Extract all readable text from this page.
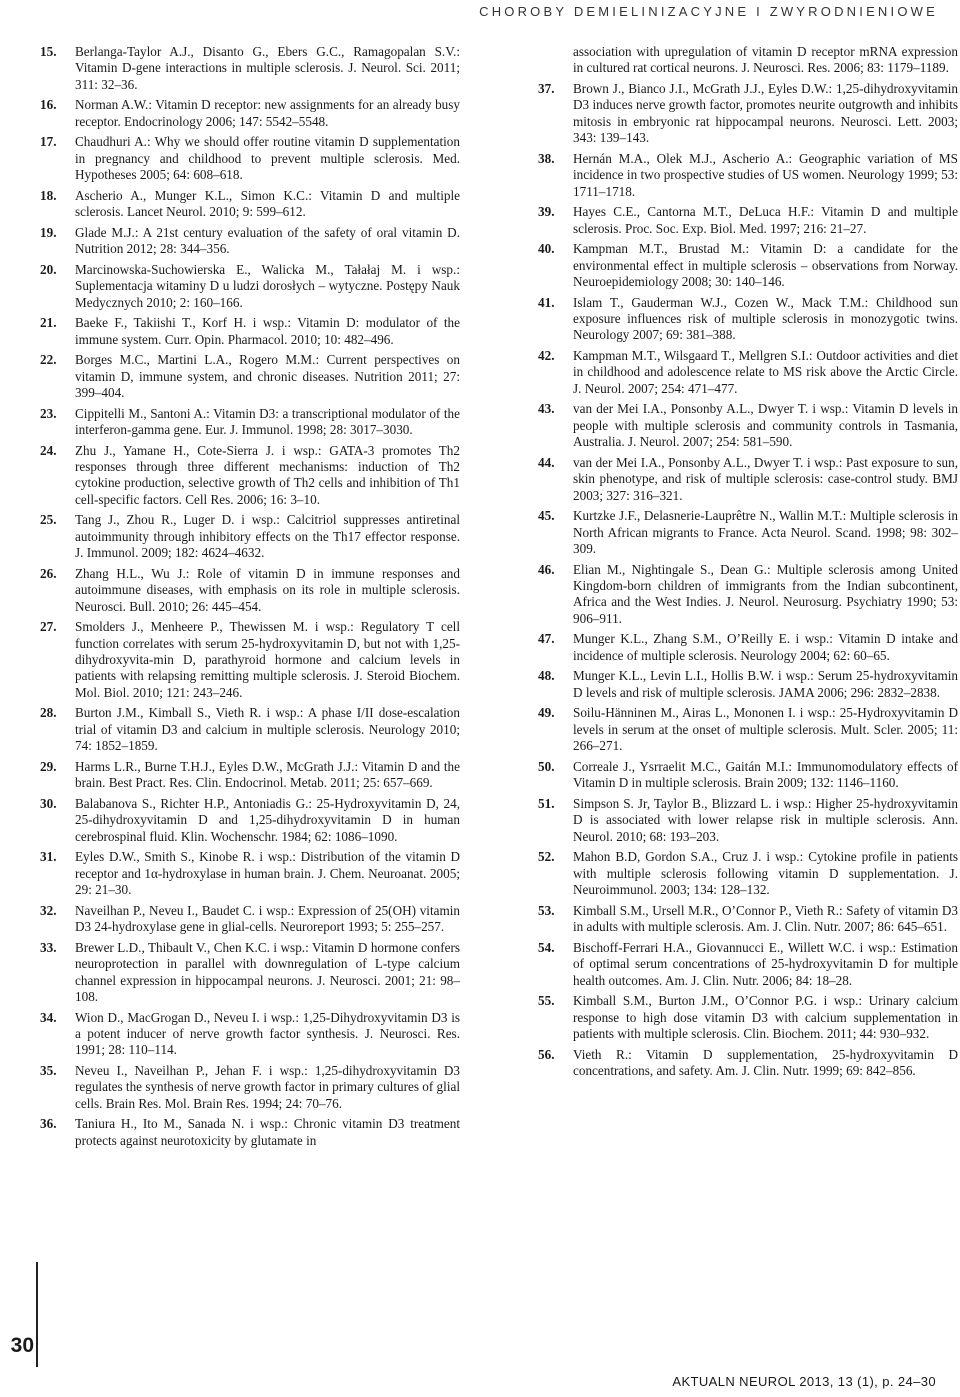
CHOROBY DEMIELINIZACYJNE I ZWYRODNIENIOWE
15.	Berlanga-Taylor A.J., Disanto G., Ebers G.C., Ramagopalan S.V.: Vitamin D-gene interactions in multiple sclerosis. J. Neurol. Sci. 2011; 311: 32–36.
16.	Norman A.W.: Vitamin D receptor: new assignments for an already busy receptor. Endocrinology 2006; 147: 5542–5548.
17.	Chaudhuri A.: Why we should offer routine vitamin D supplementation in pregnancy and childhood to prevent multiple sclerosis. Med. Hypotheses 2005; 64: 608–618.
18.	Ascherio A., Munger K.L., Simon K.C.: Vitamin D and multiple sclerosis. Lancet Neurol. 2010; 9: 599–612.
19.	Glade M.J.: A 21st century evaluation of the safety of oral vitamin D. Nutrition 2012; 28: 344–356.
20.	Marcinowska-Suchowierska E., Walicka M., Tałałaj M. i wsp.: Suplementacja witaminy D u ludzi dorosłych – wytyczne. Postępy Nauk Medycznych 2010; 2: 160–166.
21.	Baeke F., Takiishi T., Korf H. i wsp.: Vitamin D: modulator of the immune system. Curr. Opin. Pharmacol. 2010; 10: 482–496.
22.	Borges M.C., Martini L.A., Rogero M.M.: Current perspectives on vitamin D, immune system, and chronic diseases. Nutrition 2011; 27: 399–404.
23.	Cippitelli M., Santoni A.: Vitamin D3: a transcriptional modulator of the interferon-gamma gene. Eur. J. Immunol. 1998; 28: 3017–3030.
24.	Zhu J., Yamane H., Cote-Sierra J. i wsp.: GATA-3 promotes Th2 responses through three different mechanisms: induction of Th2 cytokine production, selective growth of Th2 cells and inhibition of Th1 cell-specific factors. Cell Res. 2006; 16: 3–10.
25.	Tang J., Zhou R., Luger D. i wsp.: Calcitriol suppresses antiretinal autoimmunity through inhibitory effects on the Th17 effector response. J. Immunol. 2009; 182: 4624–4632.
26.	Zhang H.L., Wu J.: Role of vitamin D in immune responses and autoimmune diseases, with emphasis on its role in multiple sclerosis. Neurosci. Bull. 2010; 26: 445–454.
27.	Smolders J., Menheere P., Thewissen M. i wsp.: Regulatory T cell function correlates with serum 25-hydroxyvitamin D, but not with 1,25-dihydroxyvita-min D, parathyroid hormone and calcium levels in patients with relapsing remitting multiple sclerosis. J. Steroid Biochem. Mol. Biol. 2010; 121: 243–246.
28.	Burton J.M., Kimball S., Vieth R. i wsp.: A phase I/II dose-escalation trial of vitamin D3 and calcium in multiple sclerosis. Neurology 2010; 74: 1852–1859.
29.	Harms L.R., Burne T.H.J., Eyles D.W., McGrath J.J.: Vitamin D and the brain. Best Pract. Res. Clin. Endocrinol. Metab. 2011; 25: 657–669.
30.	Balabanova S., Richter H.P., Antoniadis G.: 25-Hydroxyvitamin D, 24, 25-dihydroxyvitamin D and 1,25-dihydroxyvitamin D in human cerebrospinal fluid. Klin. Wochenschr. 1984; 62: 1086–1090.
31.	Eyles D.W., Smith S., Kinobe R. i wsp.: Distribution of the vitamin D receptor and 1α-hydroxylase in human brain. J. Chem. Neuroanat. 2005; 29: 21–30.
32.	Naveilhan P., Neveu I., Baudet C. i wsp.: Expression of 25(OH) vitamin D3 24-hydroxylase gene in glial-cells. Neuroreport 1993; 5: 255–257.
33.	Brewer L.D., Thibault V., Chen K.C. i wsp.: Vitamin D hormone confers neuroprotection in parallel with downregulation of L-type calcium channel expression in hippocampal neurons. J. Neurosci. 2001; 21: 98–108.
34.	Wion D., MacGrogan D., Neveu I. i wsp.: 1,25-Dihydroxyvitamin D3 is a potent inducer of nerve growth factor synthesis. J. Neurosci. Res. 1991; 28: 110–114.
35.	Neveu I., Naveilhan P., Jehan F. i wsp.: 1,25-dihydroxyvitamin D3 regulates the synthesis of nerve growth factor in primary cultures of glial cells. Brain Res. Mol. Brain Res. 1994; 24: 70–76.
36.	Taniura H., Ito M., Sanada N. i wsp.: Chronic vitamin D3 treatment protects against neurotoxicity by glutamate in
association with upregulation of vitamin D receptor mRNA expression in cultured rat cortical neurons. J. Neurosci. Res. 2006; 83: 1179–1189.
37.	Brown J., Bianco J.I., McGrath J.J., Eyles D.W.: 1,25-dihydroxyvitamin D3 induces nerve growth factor, promotes neurite outgrowth and inhibits mitosis in embryonic rat hippocampal neurons. Neurosci. Lett. 2003; 343: 139–143.
38.	Hernán M.A., Olek M.J., Ascherio A.: Geographic variation of MS incidence in two prospective studies of US women. Neurology 1999; 53: 1711–1718.
39.	Hayes C.E., Cantorna M.T., DeLuca H.F.: Vitamin D and multiple sclerosis. Proc. Soc. Exp. Biol. Med. 1997; 216: 21–27.
40.	Kampman M.T., Brustad M.: Vitamin D: a candidate for the environmental effect in multiple sclerosis – observations from Norway. Neuroepidemiology 2008; 30: 140–146.
41.	Islam T., Gauderman W.J., Cozen W., Mack T.M.: Childhood sun exposure influences risk of multiple sclerosis in monozygotic twins. Neurology 2007; 69: 381–388.
42.	Kampman M.T., Wilsgaard T., Mellgren S.I.: Outdoor activities and diet in childhood and adolescence relate to MS risk above the Arctic Circle. J. Neurol. 2007; 254: 471–477.
43.	van der Mei I.A., Ponsonby A.L., Dwyer T. i wsp.: Vitamin D levels in people with multiple sclerosis and community controls in Tasmania, Australia. J. Neurol. 2007; 254: 581–590.
44.	van der Mei I.A., Ponsonby A.L., Dwyer T. i wsp.: Past exposure to sun, skin phenotype, and risk of multiple sclerosis: case-control study. BMJ 2003; 327: 316–321.
45.	Kurtzke J.F., Delasnerie-Lauprêtre N., Wallin M.T.: Multiple sclerosis in North African migrants to France. Acta Neurol. Scand. 1998; 98: 302–309.
46.	Elian M., Nightingale S., Dean G.: Multiple sclerosis among United Kingdom-born children of immigrants from the Indian subcontinent, Africa and the West Indies. J. Neurol. Neurosurg. Psychiatry 1990; 53: 906–911.
47.	Munger K.L., Zhang S.M., O’Reilly E. i wsp.: Vitamin D intake and incidence of multiple sclerosis. Neurology 2004; 62: 60–65.
48.	Munger K.L., Levin L.I., Hollis B.W. i wsp.: Serum 25-hydroxyvitamin D levels and risk of multiple sclerosis. JAMA 2006; 296: 2832–2838.
49.	Soilu-Hänninen M., Airas L., Mononen I. i wsp.: 25-Hydroxyvitamin D levels in serum at the onset of multiple sclerosis. Mult. Scler. 2005; 11: 266–271.
50.	Correale J., Ysrraelit M.C., Gaitán M.I.: Immunomodulatory effects of Vitamin D in multiple sclerosis. Brain 2009; 132: 1146–1160.
51.	Simpson S. Jr, Taylor B., Blizzard L. i wsp.: Higher 25-hydroxyvitamin D is associated with lower relapse risk in multiple sclerosis. Ann. Neurol. 2010; 68: 193–203.
52.	Mahon B.D, Gordon S.A., Cruz J. i wsp.: Cytokine profile in patients with multiple sclerosis following vitamin D supplementation. J. Neuroimmunol. 2003; 134: 128–132.
53.	Kimball S.M., Ursell M.R., O’Connor P., Vieth R.: Safety of vitamin D3 in adults with multiple sclerosis. Am. J. Clin. Nutr. 2007; 86: 645–651.
54.	Bischoff-Ferrari H.A., Giovannucci E., Willett W.C. i wsp.: Estimation of optimal serum concentrations of 25-hydroxyvitamin D for multiple health outcomes. Am. J. Clin. Nutr. 2006; 84: 18–28.
55.	Kimball S.M., Burton J.M., O’Connor P.G. i wsp.: Urinary calcium response to high dose vitamin D3 with calcium supplementation in patients with multiple sclerosis. Clin. Biochem. 2011; 44: 930–932.
56.	Vieth R.: Vitamin D supplementation, 25-hydroxyvitamin D concentrations, and safety. Am. J. Clin. Nutr. 1999; 69: 842–856.
30
AKTUALN NEUROL 2013, 13 (1), p. 24–30
